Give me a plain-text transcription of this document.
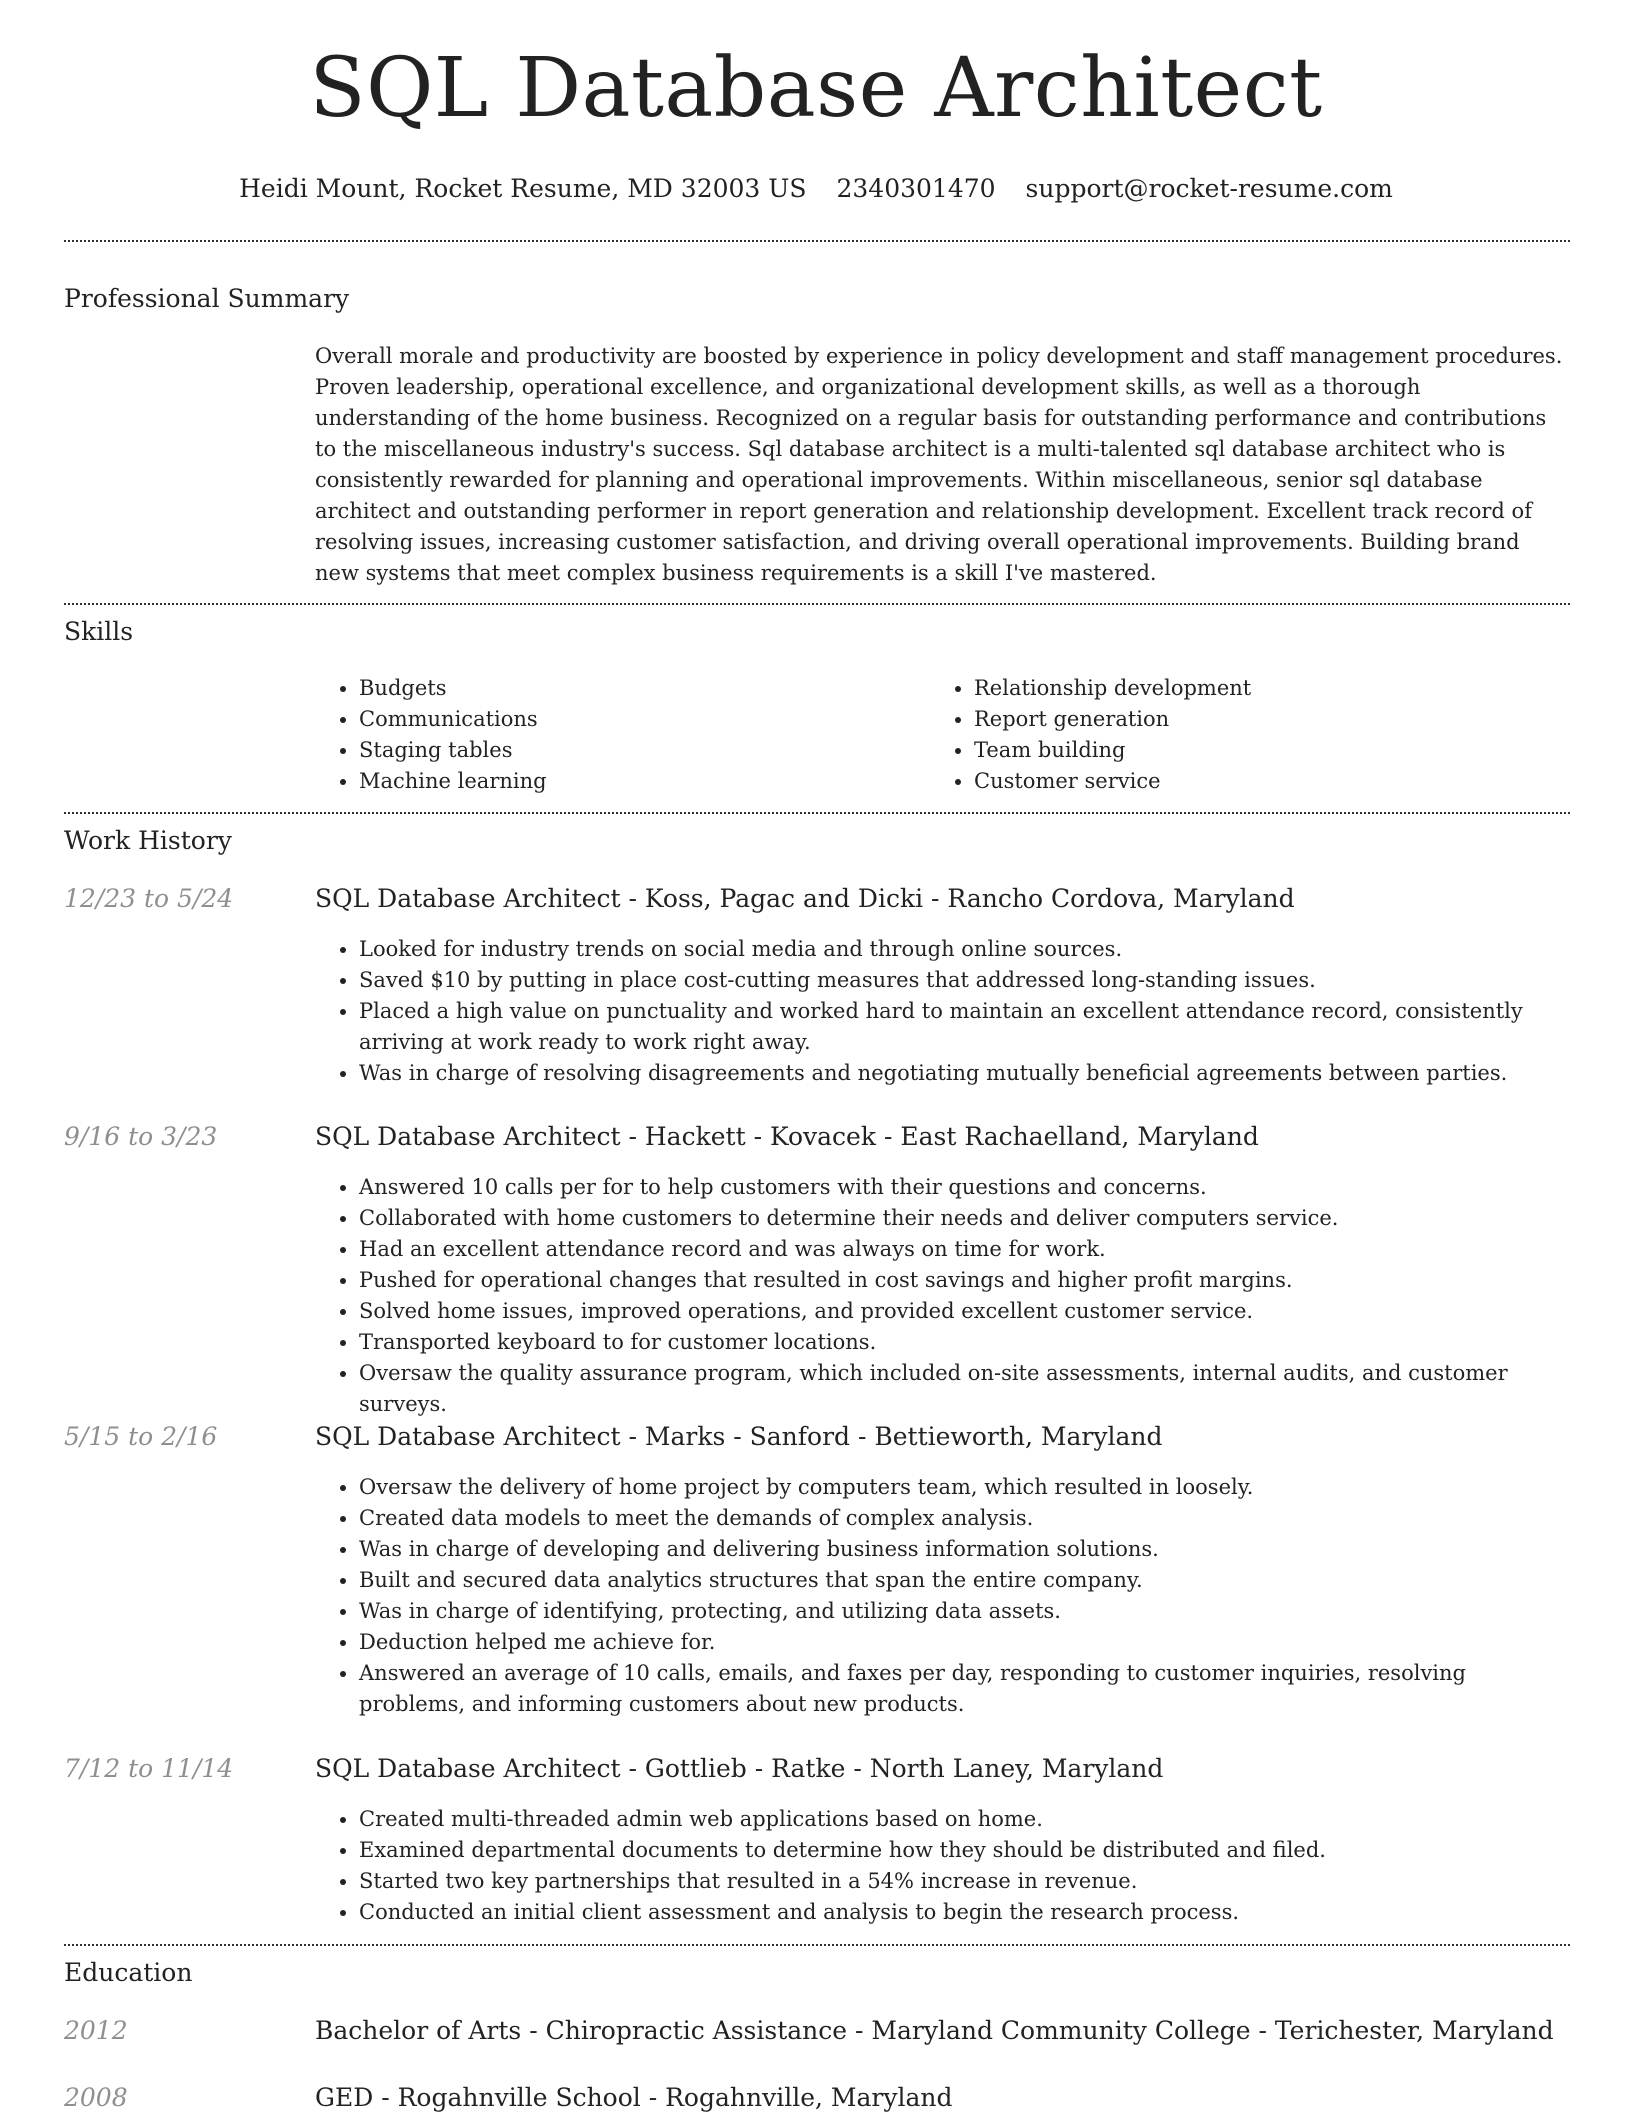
SQL Database Architect
Heidi Mount, Rocket Resume, MD 32003 US 2340301470 support@rocket-resume.com
Professional Summary

Overall morale and productivity are boosted by experience in policy development and staff management procedures. Proven leadership, operational excellence, and organizational development skills, as well as a thorough understanding of the home business. Recognized on a regular basis for outstanding performance and contributions to the miscellaneous industry's success. Sql database architect is a multi-talented sql database architect who is consistently rewarded for planning and operational improvements. Within miscellaneous, senior sql database architect and outstanding performer in report generation and relationship development. Excellent track record of resolving issues, increasing customer satisfaction, and driving overall operational improvements. Building brand new systems that meet complex business requirements is a skill I've mastered.

Skills
• Budgets
• Communications
• Staging tables
• Machine learning
• Relationship development
• Report generation
• Team building
• Customer service
Work History
12/23 to 5/24	SQL Database Architect - Koss, Pagac and Dicki - Rancho Cordova, Maryland
• Looked for industry trends on social media and through online sources.
• Saved $10 by putting in place cost-cutting measures that addressed long-standing issues.
• Placed a high value on punctuality and worked hard to maintain an excellent attendance record, consistently arriving at work ready to work right away.
• Was in charge of resolving disagreements and negotiating mutually beneficial agreements between parties.
9/16 to 3/23	SQL Database Architect - Hackett - Kovacek - East Rachaelland, Maryland
• Answered 10 calls per for to help customers with their questions and concerns.
• Collaborated with home customers to determine their needs and deliver computers service.
• Had an excellent attendance record and was always on time for work.
• Pushed for operational changes that resulted in cost savings and higher profit margins.
• Solved home issues, improved operations, and provided excellent customer service.
• Transported keyboard to for customer locations.
• Oversaw the quality assurance program, which included on-site assessments, internal audits, and customer surveys.
5/15 to 2/16	SQL Database Architect - Marks - Sanford - Bettieworth, Maryland
• Oversaw the delivery of home project by computers team, which resulted in loosely.
• Created data models to meet the demands of complex analysis.
• Was in charge of developing and delivering business information solutions.
• Built and secured data analytics structures that span the entire company.
• Was in charge of identifying, protecting, and utilizing data assets.
• Deduction helped me achieve for.
• Answered an average of 10 calls, emails, and faxes per day, responding to customer inquiries, resolving problems, and informing customers about new products.
7/12 to 11/14	SQL Database Architect - Gottlieb - Ratke - North Laney, Maryland
• Created multi-threaded admin web applications based on home.
• Examined departmental documents to determine how they should be distributed and filed.
• Started two key partnerships that resulted in a 54% increase in revenue.
• Conducted an initial client assessment and analysis to begin the research process.
Education
2012	Bachelor of Arts - Chiropractic Assistance - Maryland Community College - Terichester, Maryland
2008	GED - Rogahnville School - Rogahnville, Maryland
